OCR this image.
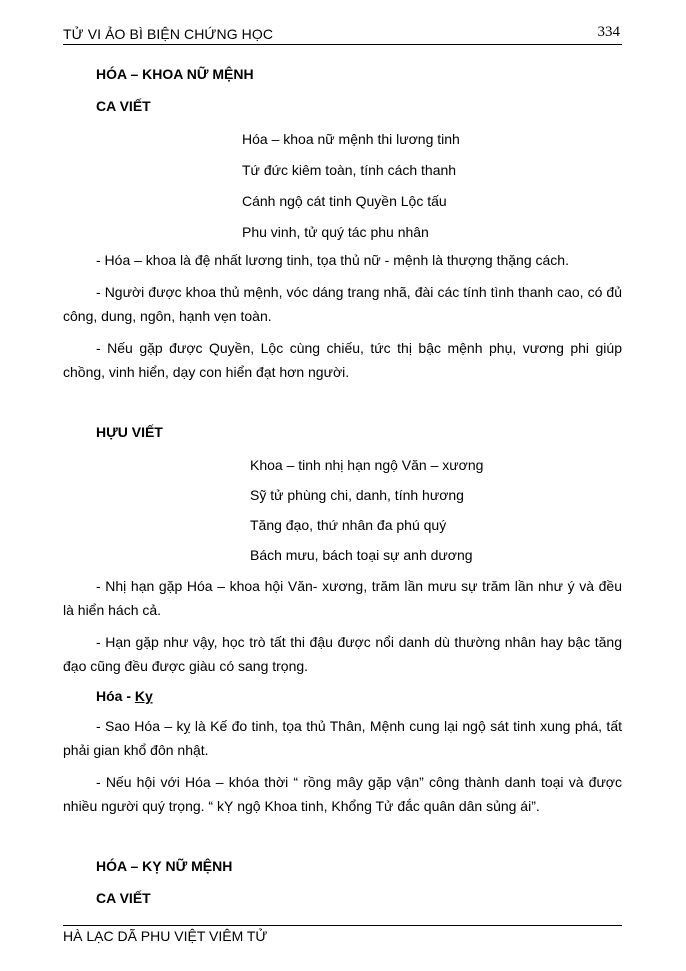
TỬ VI ẢO BÌ BIỆN CHỨNG HỌC	334
HÓA – KHOA NỮ MỆNH
CA VIẾT
Hóa – khoa nữ mệnh thi lương tinh
Tứ đức kiêm toàn, tính cách thanh
Cánh ngộ cát tinh Quyền Lộc tấu
Phu vinh, tử quý tác phu nhân
- Hóa – khoa là đệ nhất lương tinh, tọa thủ nữ - mệnh là thượng thặng cách.
- Người được khoa thủ mệnh, vóc dáng trang nhã, đài các tính tình thanh cao, có đủ công, dung, ngôn, hạnh vẹn toàn.
- Nếu gặp được Quyền, Lộc cùng chiếu, tức thị bậc mệnh phụ, vương phi giúp chồng, vinh hiển, dạy con hiển đạt hơn người.
HỰU VIẾT
Khoa – tinh nhị hạn ngộ Văn – xương
Sỹ tử phùng chi, danh, tính hương
Tăng đạo, thứ nhân đa phú quý
Bách mưu, bách toại sự anh dương
- Nhị hạn gặp Hóa – khoa hội Văn- xương, trăm lần mưu sự trăm lần như ý và đều là hiển hách cả.
- Hạn gặp như vậy, học trò tất thi đậu được nổi danh dù thường nhân hay bậc tăng đạo cũng đều được giàu có sang trọng.
Hóa - Kỵ
- Sao Hóa – kỵ là Kế đo tinh, tọa thủ Thân, Mệnh cung lại ngộ sát tinh xung phá, tất phải gian khổ đôn nhật.
- Nếu hội với Hóa – khóa thời “ rồng mây gặp vận” công thành danh toại và được nhiều người quý trọng. “ kỴ ngộ Khoa tinh, Khổng Tử đắc quân dân sủng ái”.
HÓA – KỴ NỮ MỆNH
CA VIẾT
HÀ LẠC DÃ PHU VIỆT VIÊM TỬ
